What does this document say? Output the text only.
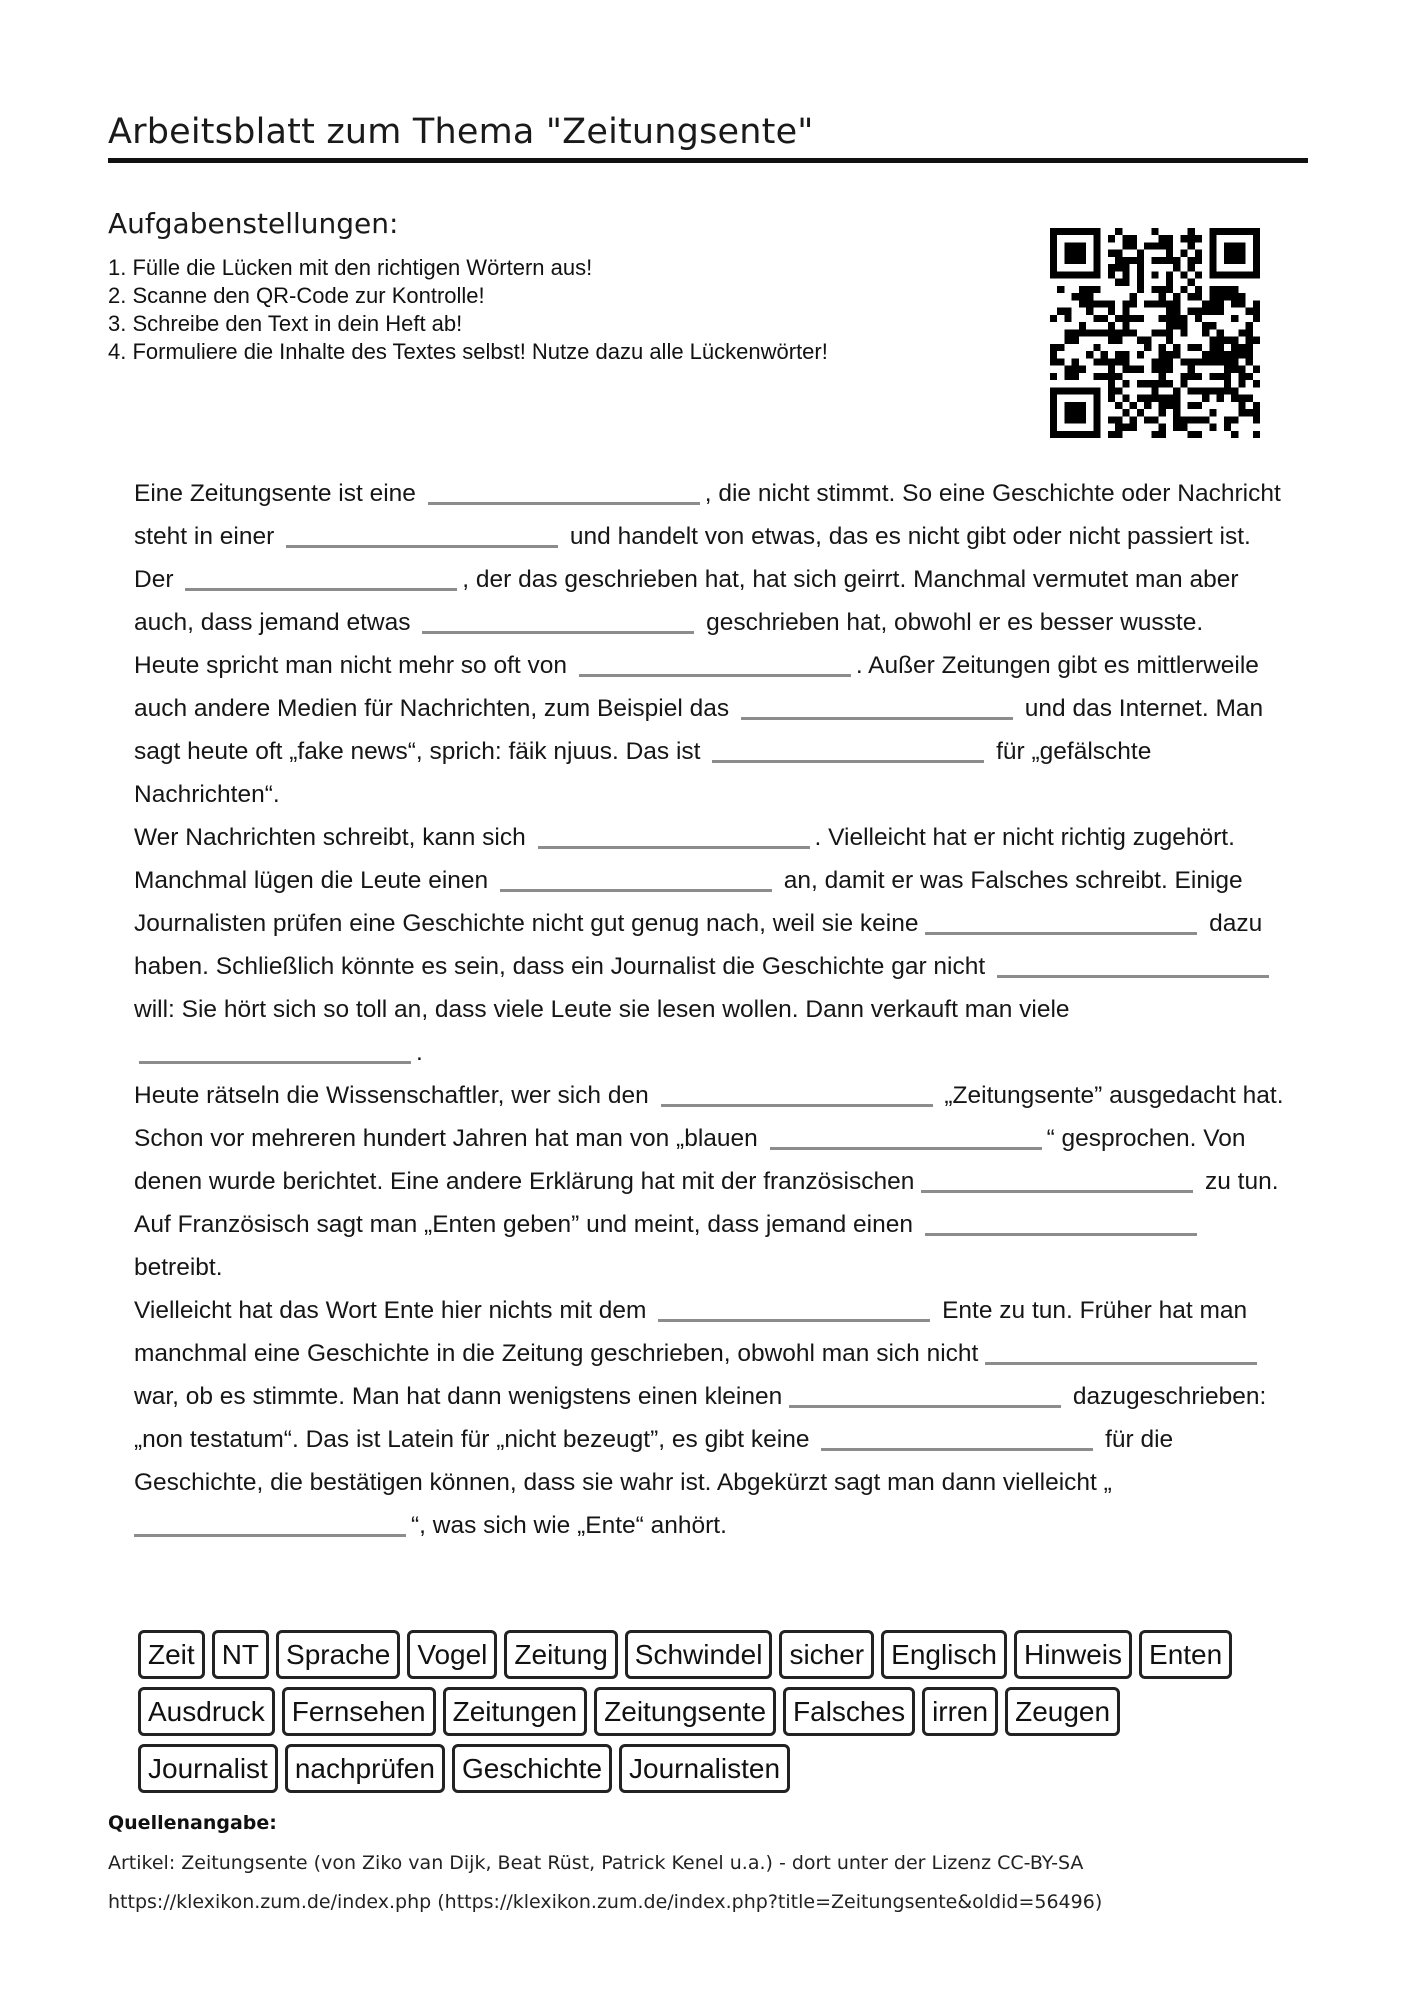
Arbeitsblatt zum Thema "Zeitungsente"
Aufgabenstellungen:
1. Fülle die Lücken mit den richtigen Wörtern aus!
2. Scanne den QR-Code zur Kontrolle!
3. Schreibe den Text in dein Heft ab!
4. Formuliere die Inhalte des Textes selbst! Nutze dazu alle Lückenwörter!

Eine Zeitungsente ist eine	, die nicht stimmt. So eine Geschichte oder Nachricht steht in einer	und handelt von etwas, das es nicht gibt oder nicht passiert ist. Der	, der das geschrieben hat, hat sich geirrt. Manchmal vermutet man aber auch, dass jemand etwas	geschrieben hat, obwohl er es besser wusste.

Heute spricht man nicht mehr so oft von	. Außer Zeitungen gibt es mittlerweile auch andere Medien für Nachrichten, zum Beispiel das	und das Internet. Man sagt heute oft „fake news“, sprich: fäik njuus. Das ist	für „gefälschte Nachrichten“.

Wer Nachrichten schreibt, kann sich	. Vielleicht hat er nicht richtig zugehört. Manchmal lügen die Leute einen	an, damit er was Falsches schreibt. Einige Journalisten prüfen eine Geschichte nicht gut genug nach, weil sie keine	dazu haben. Schließlich könnte es sein, dass ein Journalist die Geschichte gar nicht  will: Sie hört sich so toll an, dass viele Leute sie lesen wollen. Dann verkauft man viele .

Heute rätseln die Wissenschaftler, wer sich den	„Zeitungsente” ausgedacht hat. Schon vor mehreren hundert Jahren hat man von „blauen	“ gesprochen. Von denen wurde berichtet. Eine andere Erklärung hat mit der französischen	zu tun. Auf Französisch sagt man „Enten geben” und meint, dass jemand einen  betreibt.

Vielleicht hat das Wort Ente hier nichts mit dem	Ente zu tun. Früher hat man manchmal eine Geschichte in die Zeitung geschrieben, obwohl man sich nicht  war, ob es stimmte. Man hat dann wenigstens einen kleinen	dazugeschrieben: „non testatum“. Das ist Latein für „nicht bezeugt”, es gibt keine	für die Geschichte, die bestätigen können, dass sie wahr ist. Abgekürzt sagt man dann vielleicht „“, was sich wie „Ente“ anhört.

Zeit NT Sprache Vogel Zeitung Schwindel sicher Englisch Hinweis Enten
Ausdruck Fernsehen Zeitungen Zeitungsente Falsches irren Zeugen
Journalist nachprüfen Geschichte Journalisten
Quellenangabe:
Artikel: Zeitungsente (von Ziko van Dijk, Beat Rüst, Patrick Kenel u.a.) - dort unter der Lizenz CC-BY-SA
https://klexikon.zum.de/index.php (https://klexikon.zum.de/index.php?title=Zeitungsente&oldid=56496)
